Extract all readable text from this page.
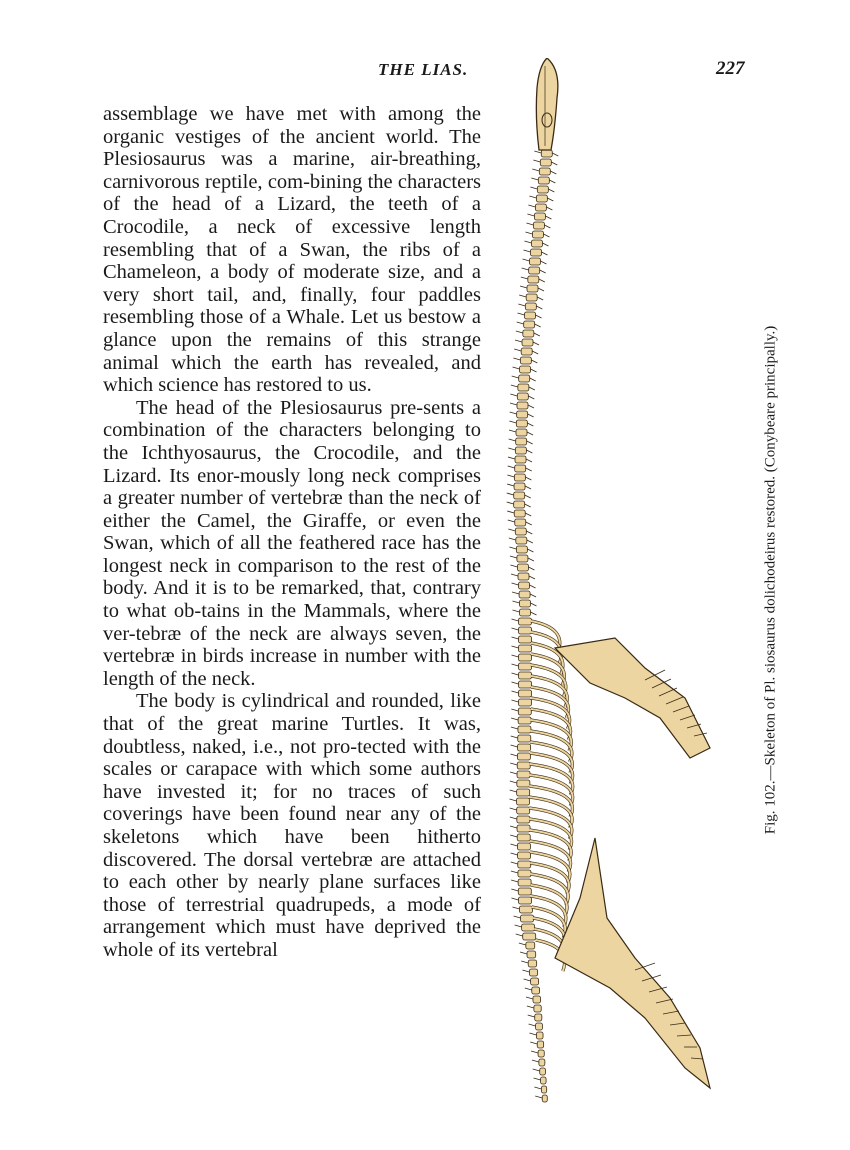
THE LIAS.	227

assemblage we have met with among the organic vestiges of the ancient world. The Plesiosaurus was a marine, air-breathing, carnivorous reptile, com-bining the characters of the head of a Lizard, the teeth of a Crocodile, a neck of excessive length resembling that of a Swan, the ribs of a Chameleon, a body of moderate size, and a very short tail, and, finally, four paddles resembling those of a Whale. Let us bestow a glance upon the remains of this strange animal which the earth has revealed, and which science has restored to us.

The head of the Plesiosaurus pre-sents a combination of the characters belonging to the Ichthyosaurus, the Crocodile, and the Lizard. Its enor-mously long neck comprises a greater number of vertebræ than the neck of either the Camel, the Giraffe, or even the Swan, which of all the feathered race has the longest neck in comparison to the rest of the body. And it is to be remarked, that, contrary to what ob-tains in the Mammals, where the ver-tebræ of the neck are always seven, the vertebræ in birds increase in number with the length of the neck.

The body is cylindrical and rounded, like that of the great marine Turtles. It was, doubtless, naked, i.e., not pro-tected with the scales or carapace with which some authors have invested it; for no traces of such coverings have been found near any of the skeletons which have been hitherto discovered. The dorsal vertebræ are attached to each other by nearly plane surfaces like those of terrestrial quadrupeds, a mode of arrangement which must have deprived the whole of its vertebral

Fig. 102.—Skeleton of Pl. siosaurus dolichodeirus restored. (Conybeare principally.)
